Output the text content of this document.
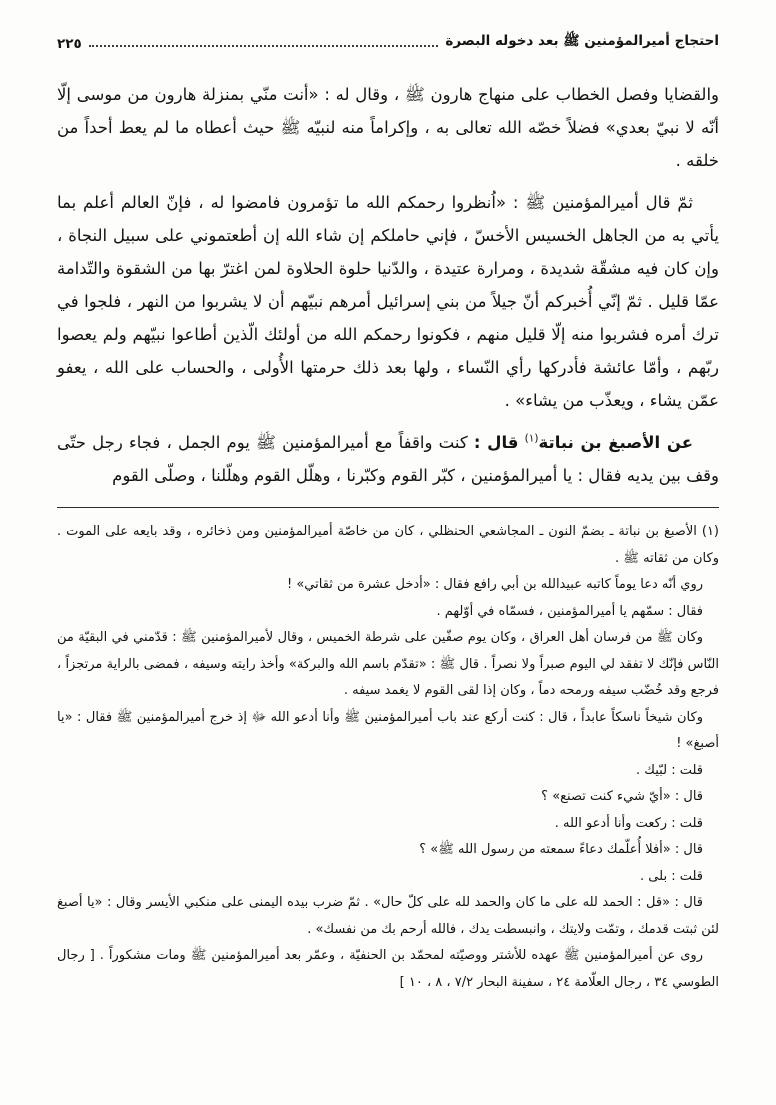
احتجاج أميرالمؤمنين ﷺ بعد دخوله البصرة
٢٢٥

والقضايا وفصل الخطاب على منهاج هارون ﷺ ، وقال له : «أنت منّي بمنزلة هارون من موسى إلّا أنّه لا نبيّ بعدي» فضلاً خصّه الله تعالى به ، وإكراماً منه لنبيّه ﷺ حيث أعطاه ما لم يعط أحداً من خلقه .

ثمّ قال أميرالمؤمنين ﷺ : «اُنظروا رحمكم الله ما تؤمرون فامضوا له ، فإنّ العالم أعلم بما يأتي به من الجاهل الخسيس الأخسّ ، فإني حاملكم إن شاء الله إن أطعتموني على سبيل النجاة ، وإن كان فيه مشقّة شديدة ، ومرارة عتيدة ، والدّنيا حلوة الحلاوة لمن اغترّ بها من الشقوة والتّدامة عمّا قليل . ثمّ إنّي أُخبركم أنّ جيلاً من بني إسرائيل أمرهم نبيّهم أن لا يشربوا من النهر ، فلجوا في ترك أمره فشربوا منه إلّا قليل منهم ، فكونوا رحمكم الله من أولئك الّذين أطاعوا نبيّهم ولم يعصوا ربّهم ، وأمّا عائشة فأدركها رأي النّساء ، ولها بعد ذلك حرمتها الأُولى ، والحساب على الله ، يعفو عمّن يشاء ، ويعذّب من يشاء» .

عن الأصبغ بن نباتة$^{(١)}$ قال : كنت واقفاً مع أميرالمؤمنين ﷺ يوم الجمل ، فجاء رجل حتّى وقف بين يديه فقال : يا أميرالمؤمنين ، كبّر القوم وكبّرنا ، وهلّل القوم وهلّلنا ، وصلّى القوم

(١) الأصبغ بن نباتة ـ بضمّ النون ـ المجاشعي الحنظلي ، كان من خاصّة أميرالمؤمنين ومن ذخائره ، وقد بايعه على الموت . وكان من ثقاته ﷺ .

روي أنّه دعا يوماً كاتبه عبيدالله بن أبي رافع فقال : «أدخل عشرة من ثقاتي» !

فقال : سمّهم يا أميرالمؤمنين ، فسمّاه في أوّلهم .

وكان ﷺ من فرسان أهل العراق ، وكان يوم صفّين على شرطة الخميس ، وقال لأميرالمؤمنين ﷺ : قدّمني في البقيّة من النّاس فإنّك لا تفقد لي اليوم صبراً ولا نصراً . قال ﷺ : «تقدّم باسم الله والبركة» وأخذ رايته وسيفه ، فمضى بالراية مرتجزاً ، فرجع وقد خُضّب سيفه ورمحه دماً ، وكان إذا لقى القوم لا يغمد سيفه .

وكان شيخاً ناسكاً عابداً ، قال : كنت أركع عند باب أميرالمؤمنين ﷺ وأنا أدعو الله ﷻ إذ خرج أميرالمؤمنين ﷺ فقال : «يا أصبغ» !

قلت : لبّيك .

قال : «أيّ شيء كنت تصنع» ؟

قلت : ركعت وأنا أدعو الله .

قال : «أفلا أُعلّمك دعاءً سمعته من رسول الله ﷺ» ؟

قلت : بلى .

قال : «قل : الحمد لله على ما كان والحمد لله على كلّ حال» . ثمّ ضرب بيده اليمنى على منكبي الأيسر وقال : «يا أصبغ لئن ثبتت قدمك ، وتمّت ولايتك ، وانبسطت يدك ، فالله أرحم بك من نفسك» .

روى عن أميرالمؤمنين ﷺ عهده للأشتر ووصيّته لمحمّد بن الحنفيّة ، وعمّر بعد أميرالمؤمنين ﷺ ومات مشكوراً . [ رجال الطوسي ٣٤ ، رجال العلّامة ٢٤ ، سفينة البحار ٧/٢ ، ٨ ، ١٠ ]
